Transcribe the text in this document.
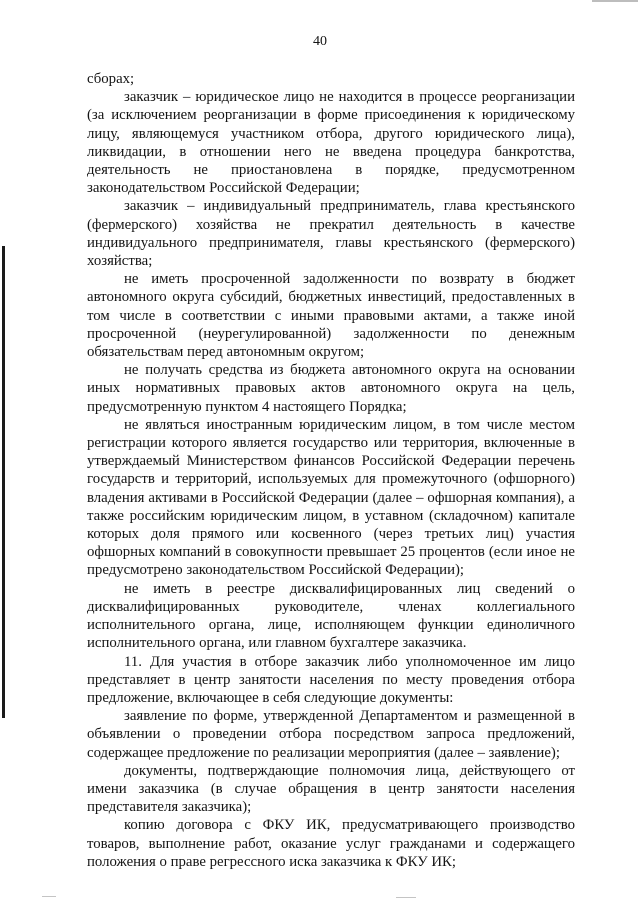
40

сборах;

заказчик – юридическое лицо не находится в процессе реорганизации (за исключением реорганизации в форме присоединения к юридическому лицу, являющемуся участником отбора, другого юридического лица), ликвидации, в отношении него не введена процедура банкротства, деятельность не приостановлена в порядке, предусмотренном законодательством Российской Федерации;

заказчик – индивидуальный предприниматель, глава крестьянского (фермерского) хозяйства не прекратил деятельность в качестве индивидуального предпринимателя, главы крестьянского (фермерского) хозяйства;

не иметь просроченной задолженности по возврату в бюджет автономного округа субсидий, бюджетных инвестиций, предоставленных в том числе в соответствии с иными правовыми актами, а также иной просроченной (неурегулированной) задолженности по денежным обязательствам перед автономным округом;

не получать средства из бюджета автономного округа на основании иных нормативных правовых актов автономного округа на цель, предусмотренную пунктом 4 настоящего Порядка;

не являться иностранным юридическим лицом, в том числе местом регистрации которого является государство или территория, включенные в утверждаемый Министерством финансов Российской Федерации перечень государств и территорий, используемых для промежуточного (офшорного) владения активами в Российской Федерации (далее – офшорная компания), а также российским юридическим лицом, в уставном (складочном) капитале которых доля прямого или косвенного (через третьих лиц) участия офшорных компаний в совокупности превышает 25 процентов (если иное не предусмотрено законодательством Российской Федерации);

не иметь в реестре дисквалифицированных лиц сведений о дисквалифицированных руководителе, членах коллегиального исполнительного органа, лице, исполняющем функции единоличного исполнительного органа, или главном бухгалтере заказчика.

11. Для участия в отборе заказчик либо уполномоченное им лицо представляет в центр занятости населения по месту проведения отбора предложение, включающее в себя следующие документы:

заявление по форме, утвержденной Департаментом и размещенной в объявлении о проведении отбора посредством запроса предложений, содержащее предложение по реализации мероприятия (далее – заявление);

документы, подтверждающие полномочия лица, действующего от имени заказчика (в случае обращения в центр занятости населения представителя заказчика);

копию договора с ФКУ ИК, предусматривающего производство товаров, выполнение работ, оказание услуг гражданами и содержащего положения о праве регрессного иска заказчика к ФКУ ИК;
